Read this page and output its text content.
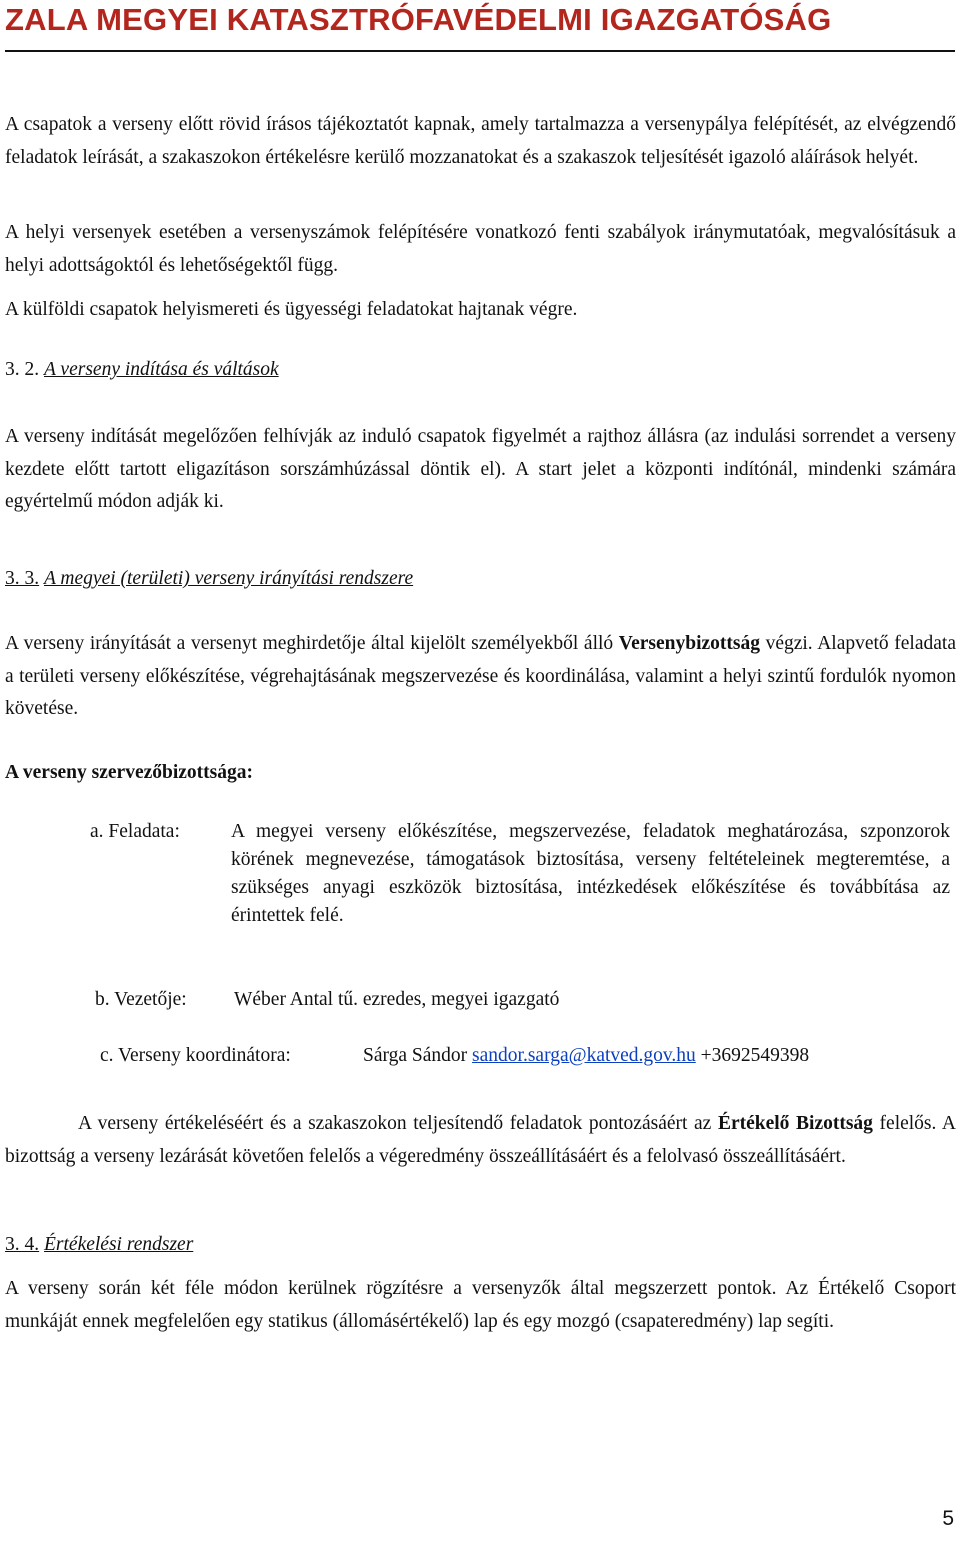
ZALA MEGYEI KATASZTRÓFAVÉDELMI IGAZGATÓSÁG

A csapatok a verseny előtt rövid írásos tájékoztatót kapnak, amely tartalmazza a versenypálya felépítését, az elvégzendő feladatok leírását, a szakaszokon értékelésre kerülő mozzanatokat és a szakaszok teljesítését igazoló aláírások helyét.

A helyi versenyek esetében a versenyszámok felépítésére vonatkozó fenti szabályok iránymutatóak, megvalósításuk a helyi adottságoktól és lehetőségektől függ.

A külföldi csapatok helyismereti és ügyességi feladatokat hajtanak végre.

3. 2. A verseny indítása és váltások

A verseny indítását megelőzően felhívják az induló csapatok figyelmét a rajthoz állásra (az indulási sorrendet a verseny kezdete előtt tartott eligazításon sorszámhúzással döntik el). A start jelet a központi indítónál, mindenki számára egyértelmű módon adják ki.

3. 3. A megyei (területi) verseny irányítási rendszere

A verseny irányítását a versenyt meghirdetője által kijelölt személyekből álló Versenybizottság végzi. Alapvető feladata a területi verseny előkészítése, végrehajtásának megszervezése és koordinálása, valamint a helyi szintű fordulók nyomon követése.

A verseny szervezőbizottsága:

a. Feladata:	A megyei verseny előkészítése, megszervezése, feladatok meghatározása, szponzorok körének megnevezése, támogatások biztosítása, verseny feltételeinek megteremtése, a szükséges anyagi eszközök biztosítása, intézkedések előkészítése és továbbítása az érintettek felé.
b. Vezetője: Wéber Antal tű. ezredes, megyei igazgató
c. Verseny koordinátora:	Sárga Sándor sandor.sarga@katved.gov.hu +3692549398

A verseny értékeléséért és a szakaszokon teljesítendő feladatok pontozásáért az Értékelő Bizottság felelős. A bizottság a verseny lezárását követően felelős a végeredmény összeállításáért és a felolvasó összeállításáért.

3. 4. Értékelési rendszer

A verseny során két féle módon kerülnek rögzítésre a versenyzők által megszerzett pontok. Az Értékelő Csoport munkáját ennek megfelelően egy statikus (állomásértékelő) lap és egy mozgó (csapateredmény) lap segíti.

5
